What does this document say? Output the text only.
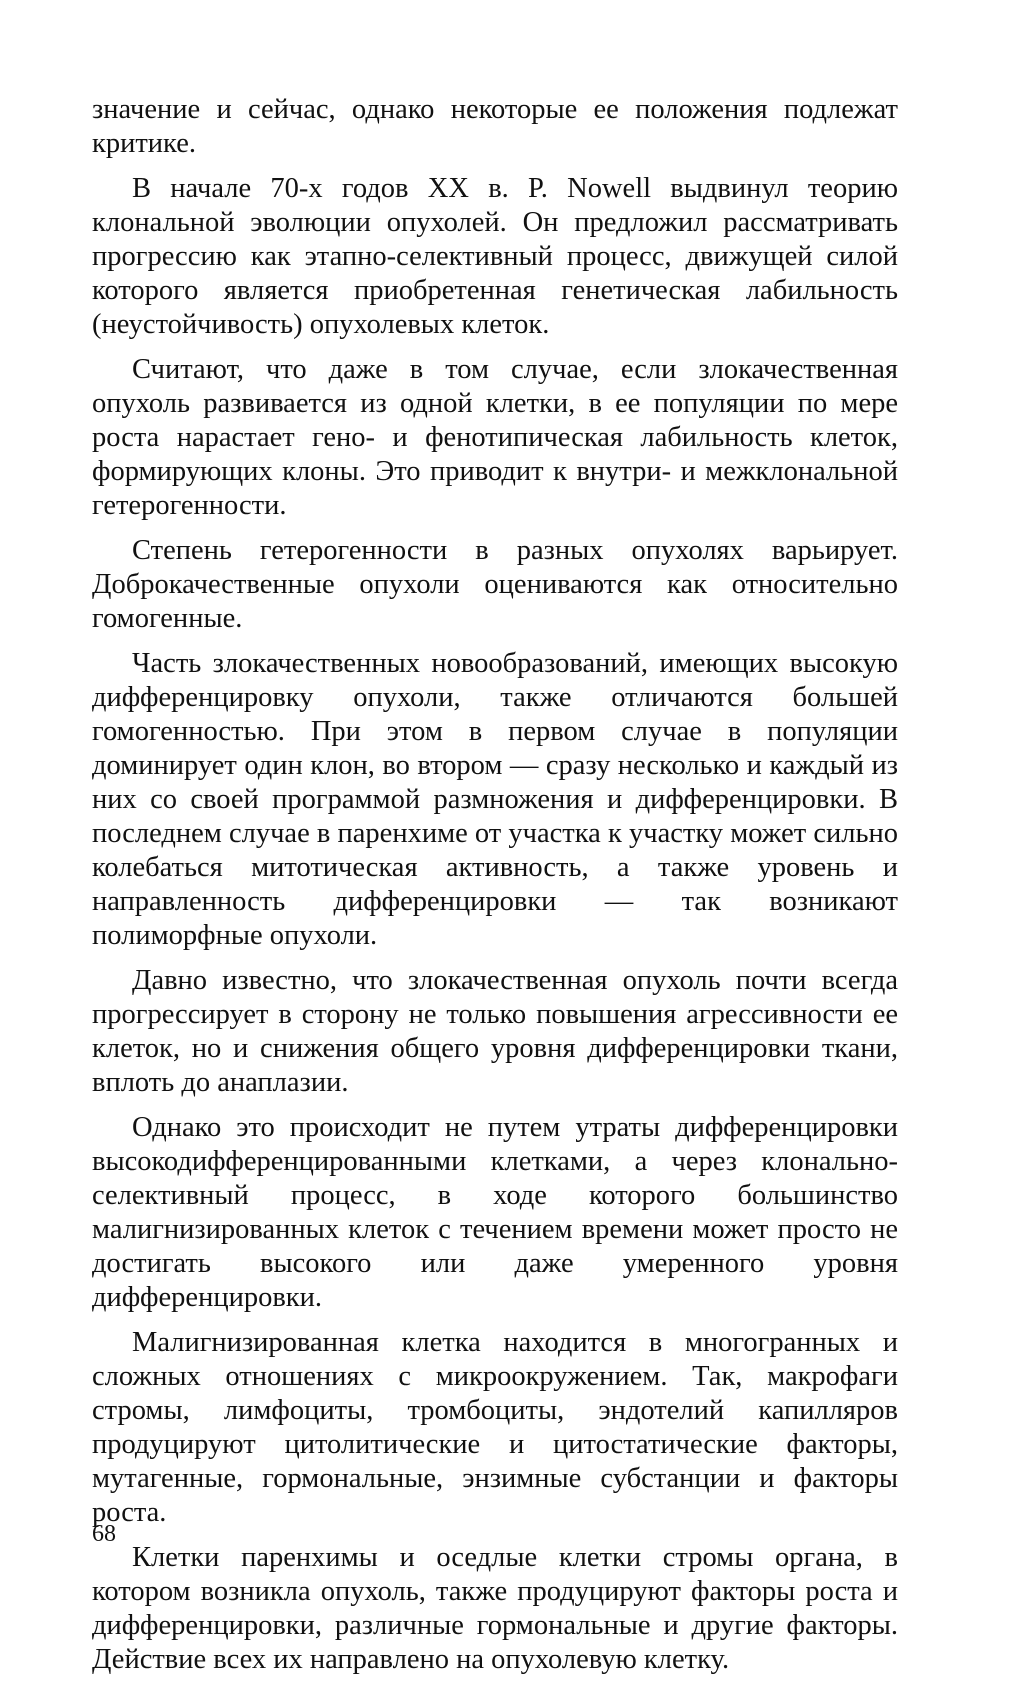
значение и сейчас, однако некоторые ее положения подлежат критике.

В начале 70-х годов XX в. P. Nowell выдвинул теорию клональной эволюции опухолей. Он предложил рассматривать прогрессию как этапно-селективный процесс, движущей силой которого является приобретенная генетическая лабильность (неустойчивость) опухолевых клеток.

Считают, что даже в том случае, если злокачественная опухоль развивается из одной клетки, в ее популяции по мере роста нарастает гено- и фенотипическая лабильность клеток, формирующих клоны. Это приводит к внутри- и межклональной гетерогенности.

Степень гетерогенности в разных опухолях варьирует. Доброкачественные опухоли оцениваются как относительно гомогенные.

Часть злокачественных новообразований, имеющих высокую дифференцировку опухоли, также отличаются большей гомогенностью. При этом в первом случае в популяции доминирует один клон, во втором — сразу несколько и каждый из них со своей программой размножения и дифференцировки. В последнем случае в паренхиме от участка к участку может сильно колебаться митотическая активность, а также уровень и направленность дифференцировки — так возникают полиморфные опухоли.

Давно известно, что злокачественная опухоль почти всегда прогрессирует в сторону не только повышения агрессивности ее клеток, но и снижения общего уровня дифференцировки ткани, вплоть до анаплазии.

Однако это происходит не путем утраты дифференцировки высокодифференцированными клетками, а через клонально-селективный процесс, в ходе которого большинство малигнизированных клеток с течением времени может просто не достигать высокого или даже умеренного уровня дифференцировки.

Малигнизированная клетка находится в многогранных и сложных отношениях с микроокружением. Так, макрофаги стромы, лимфоциты, тромбоциты, эндотелий капилляров продуцируют цитолитические и цитостатические факторы, мутагенные, гормональные, энзимные субстанции и факторы роста.

Клетки паренхимы и оседлые клетки стромы органа, в котором возникла опухоль, также продуцируют факторы роста и дифференцировки, различные гормональные и другие факторы. Действие всех их направлено на опухолевую клетку.

68
